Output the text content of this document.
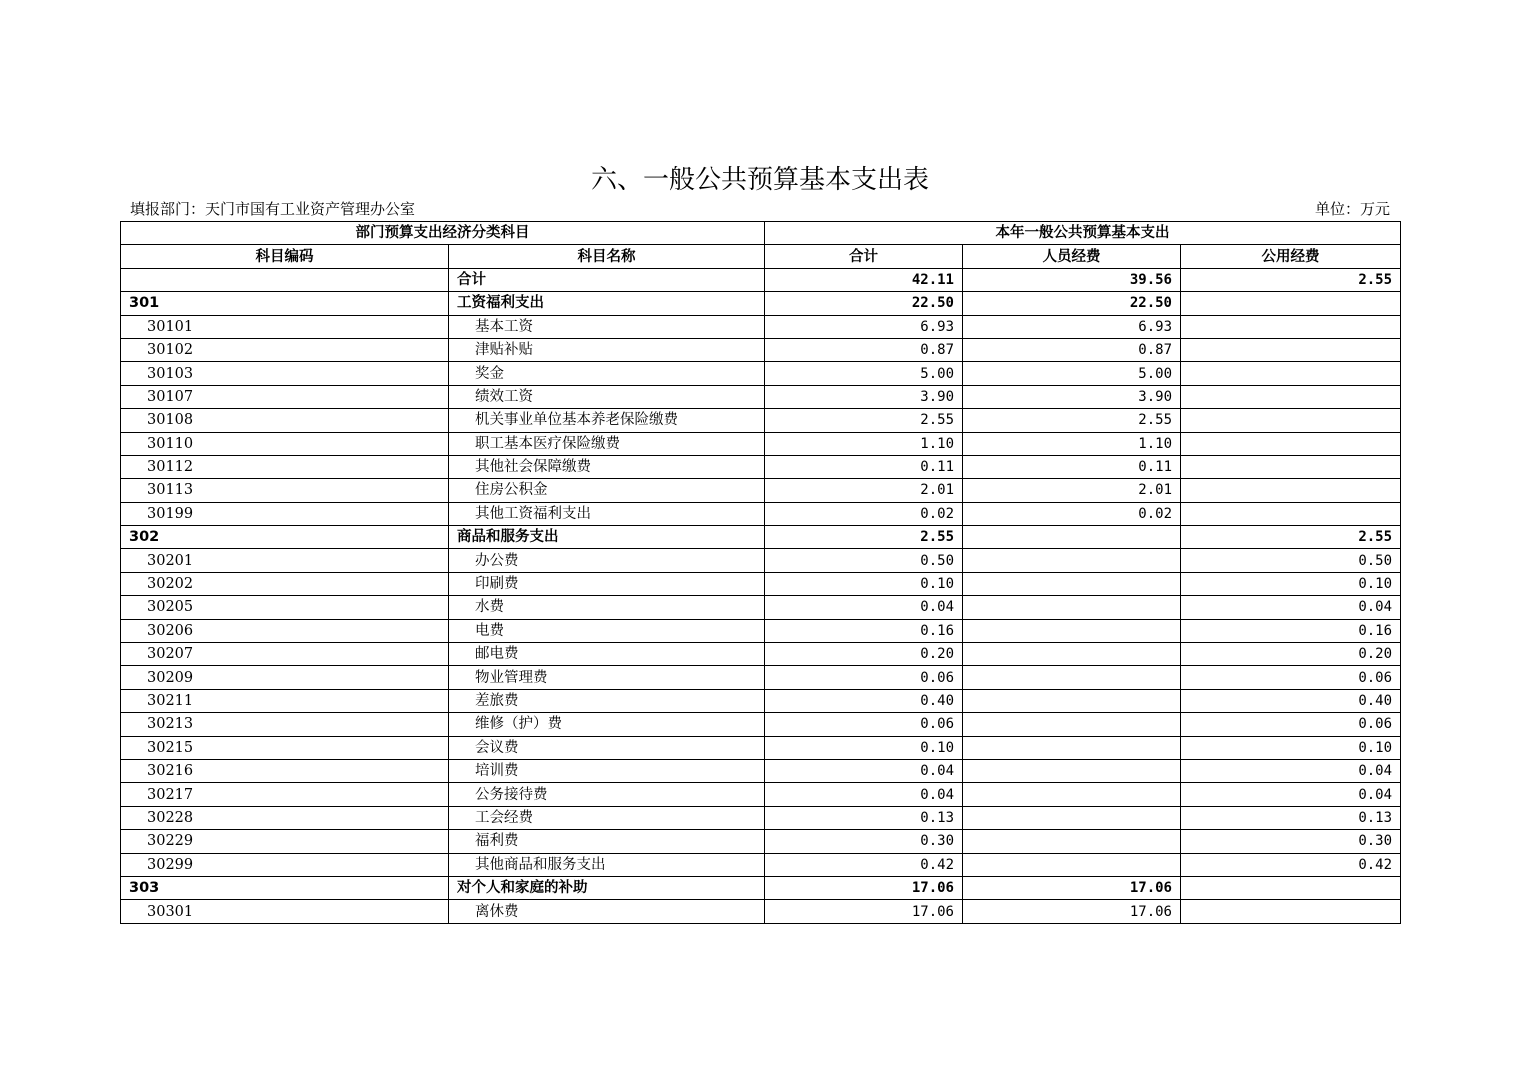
六、一般公共预算基本支出表
填报部门：天门市国有工业资产管理办公室	单位：万元
部门预算支出经济分类科目		本年一般公共预算基本支出		
科目编码	科目名称	合计	人员经费	公用经费
	合计	42.11	39.56	2.55
301	工资福利支出	22.50	22.50	
30101	基本工资	6.93	6.93	
30102	津贴补贴	0.87	0.87	
30103	奖金	5.00	5.00	
30107	绩效工资	3.90	3.90	
30108	机关事业单位基本养老保险缴费	2.55	2.55	
30110	职工基本医疗保险缴费	1.10	1.10	
30112	其他社会保障缴费	0.11	0.11	
30113	住房公积金	2.01	2.01	
30199	其他工资福利支出	0.02	0.02	
302	商品和服务支出	2.55		2.55
30201	办公费	0.50		0.50
30202	印刷费	0.10		0.10
30205	水费	0.04		0.04
30206	电费	0.16		0.16
30207	邮电费	0.20		0.20
30209	物业管理费	0.06		0.06
30211	差旅费	0.40		0.40
30213	维修（护）费	0.06		0.06
30215	会议费	0.10		0.10
30216	培训费	0.04		0.04
30217	公务接待费	0.04		0.04
30228	工会经费	0.13		0.13
30229	福利费	0.30		0.30
30299	其他商品和服务支出	0.42		0.42
303	对个人和家庭的补助	17.06	17.06	
30301	离休费	17.06	17.06	
